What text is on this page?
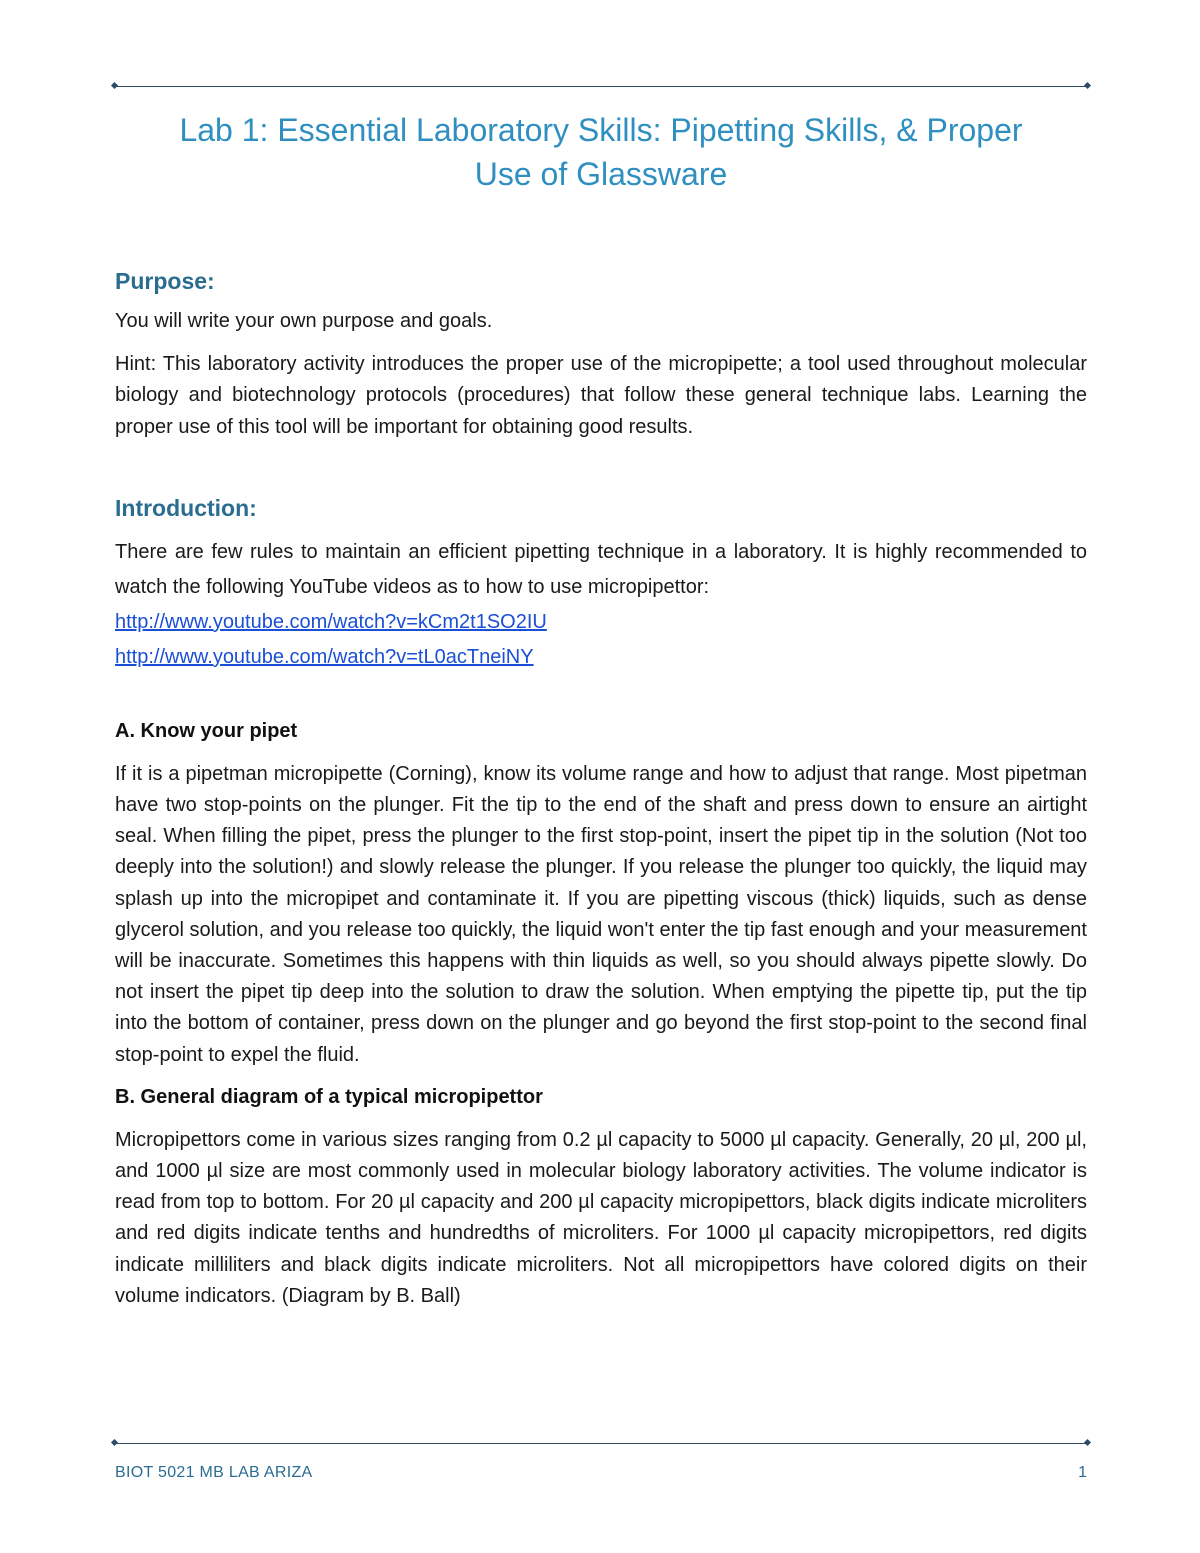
Lab 1: Essential Laboratory Skills: Pipetting Skills, & Proper Use of Glassware
Purpose:

You will write your own purpose and goals.

Hint: This laboratory activity introduces the proper use of the micropipette; a tool used throughout molecular biology and biotechnology protocols (procedures) that follow these general technique labs. Learning the proper use of this tool will be important for obtaining good results.

Introduction:

There are few rules to maintain an efficient pipetting technique in a laboratory. It is highly recommended to watch the following YouTube videos as to how to use micropipettor:

http://www.youtube.com/watch?v=kCm2t1SO2IU
http://www.youtube.com/watch?v=tL0acTneiNY
A. Know your pipet

If it is a pipetman micropipette (Corning), know its volume range and how to adjust that range. Most pipetman have two stop-points on the plunger. Fit the tip to the end of the shaft and press down to ensure an airtight seal. When filling the pipet, press the plunger to the first stop-point, insert the pipet tip in the solution (Not too deeply into the solution!) and slowly release the plunger. If you release the plunger too quickly, the liquid may splash up into the micropipet and contaminate it. If you are pipetting viscous (thick) liquids, such as dense glycerol solution, and you release too quickly, the liquid won't enter the tip fast enough and your measurement will be inaccurate. Sometimes this happens with thin liquids as well, so you should always pipette slowly. Do not insert the pipet tip deep into the solution to draw the solution. When emptying the pipette tip, put the tip into the bottom of container, press down on the plunger and go beyond the first stop-point to the second final stop-point to expel the fluid.

B. General diagram of a typical micropipettor

Micropipettors come in various sizes ranging from 0.2 µl capacity to 5000 µl capacity. Generally, 20 µl, 200 µl, and 1000 µl size are most commonly used in molecular biology laboratory activities. The volume indicator is read from top to bottom. For 20 µl capacity and 200 µl capacity micropipettors, black digits indicate microliters and red digits indicate tenths and hundredths of microliters. For 1000 µl capacity micropipettors, red digits indicate milliliters and black digits indicate microliters. Not all micropipettors have colored digits on their volume indicators. (Diagram by B. Ball)

BIOT 5021 MB LAB ARIZA	1
